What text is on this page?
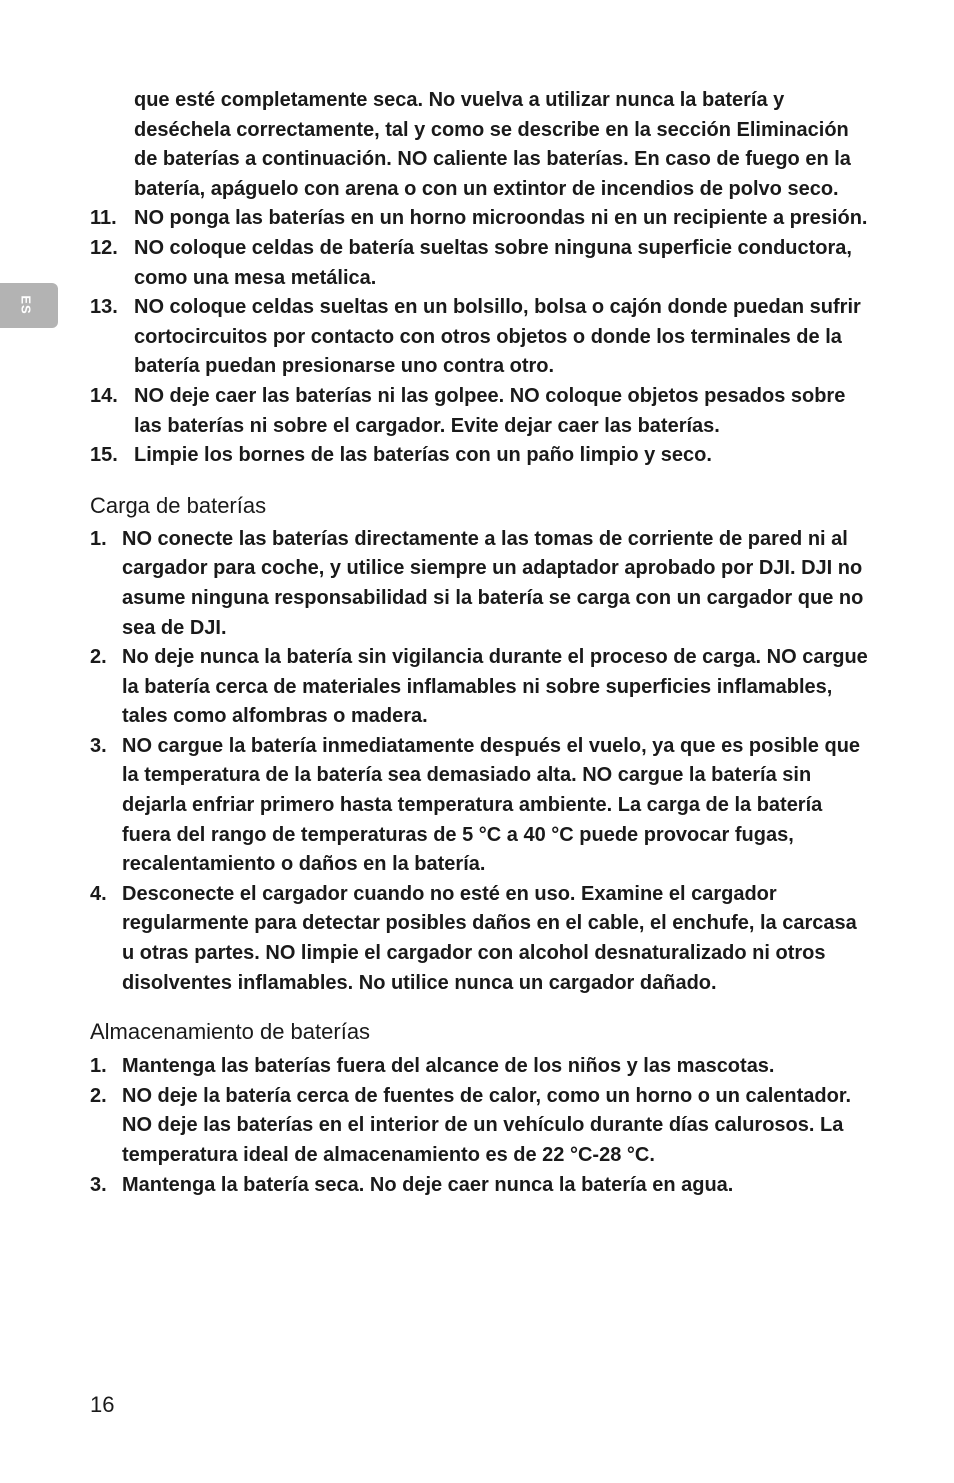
ES
que esté completamente seca. No vuelva a utilizar nunca la batería y deséchela correctamente, tal y como se describe en la sección Eliminación de baterías a continuación. NO caliente las baterías. En caso de fuego en la batería, apáguelo con arena o con un extintor de incendios de polvo seco.
11. NO ponga las baterías en un horno microondas ni en un recipiente a presión.
12. NO coloque celdas de batería sueltas sobre ninguna superficie conductora, como una mesa metálica.
13. NO coloque celdas sueltas en un bolsillo, bolsa o cajón donde puedan sufrir cortocircuitos por contacto con otros objetos o donde los terminales de la batería puedan presionarse uno contra otro.
14. NO deje caer las baterías ni las golpee. NO coloque objetos pesados sobre las baterías ni sobre el cargador. Evite dejar caer las baterías.
15. Limpie los bornes de las baterías con un paño limpio y seco.
Carga de baterías
1. NO conecte las baterías directamente a las tomas de corriente de pared ni al cargador para coche, y utilice siempre un adaptador aprobado por DJI. DJI no asume ninguna responsabilidad si la batería se carga con un cargador que no sea de DJI.
2. No deje nunca la batería sin vigilancia durante el proceso de carga. NO cargue la batería cerca de materiales inflamables ni sobre superficies inflamables, tales como alfombras o madera.
3. NO cargue la batería inmediatamente después el vuelo, ya que es posible que la temperatura de la batería sea demasiado alta. NO cargue la batería sin dejarla enfriar primero hasta temperatura ambiente. La carga de la batería fuera del rango de temperaturas de 5 °C a 40 °C puede provocar fugas, recalentamiento o daños en la batería.
4. Desconecte el cargador cuando no esté en uso. Examine el cargador regularmente para detectar posibles daños en el cable, el enchufe, la carcasa u otras partes. NO limpie el cargador con alcohol desnaturalizado ni otros disolventes inflamables. No utilice nunca un cargador dañado.
Almacenamiento de baterías
1. Mantenga las baterías fuera del alcance de los niños y las mascotas.
2. NO deje la batería cerca de fuentes de calor, como un horno o un calentador. NO deje las baterías en el interior de un vehículo durante días calurosos. La temperatura ideal de almacenamiento es de 22 °C-28 °C.
3. Mantenga la batería seca. No deje caer nunca la batería en agua.
16
